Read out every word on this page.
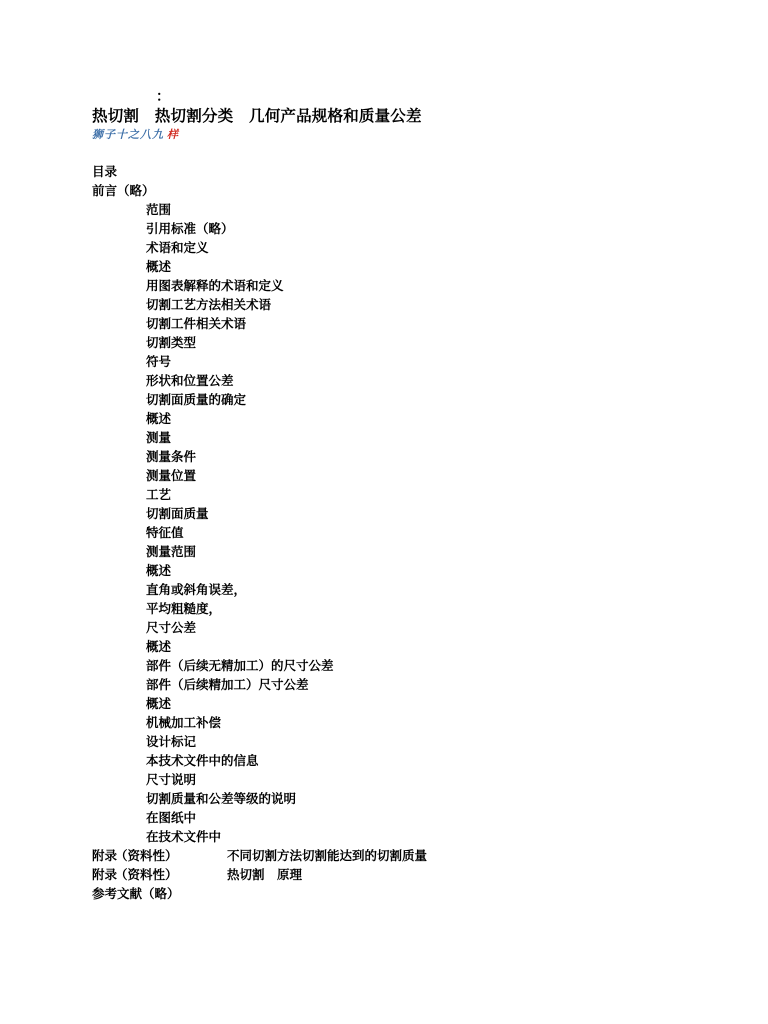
：
热切割　热切割分类　几何产品规格和质量公差
狮子十之八九 样
目录
前言（略）
范围
引用标准（略）
术语和定义
概述
用图表解释的术语和定义
切割工艺方法相关术语
切割工件相关术语
切割类型
符号
形状和位置公差
切割面质量的确定
概述
测量
测量条件
测量位置
工艺
切割面质量
特征值
测量范围
概述
直角或斜角误差，
平均粗糙度，
尺寸公差
概述
部件（后续无精加工）的尺寸公差
部件（后续精加工）尺寸公差
概述
机械加工补偿
设计标记
本技术文件中的信息
尺寸说明
切割质量和公差等级的说明
在图纸中
在技术文件中
附录（资料性）	不同切割方法切割能达到的切割质量
附录（资料性）	热切割　原理
参考文献（略）
